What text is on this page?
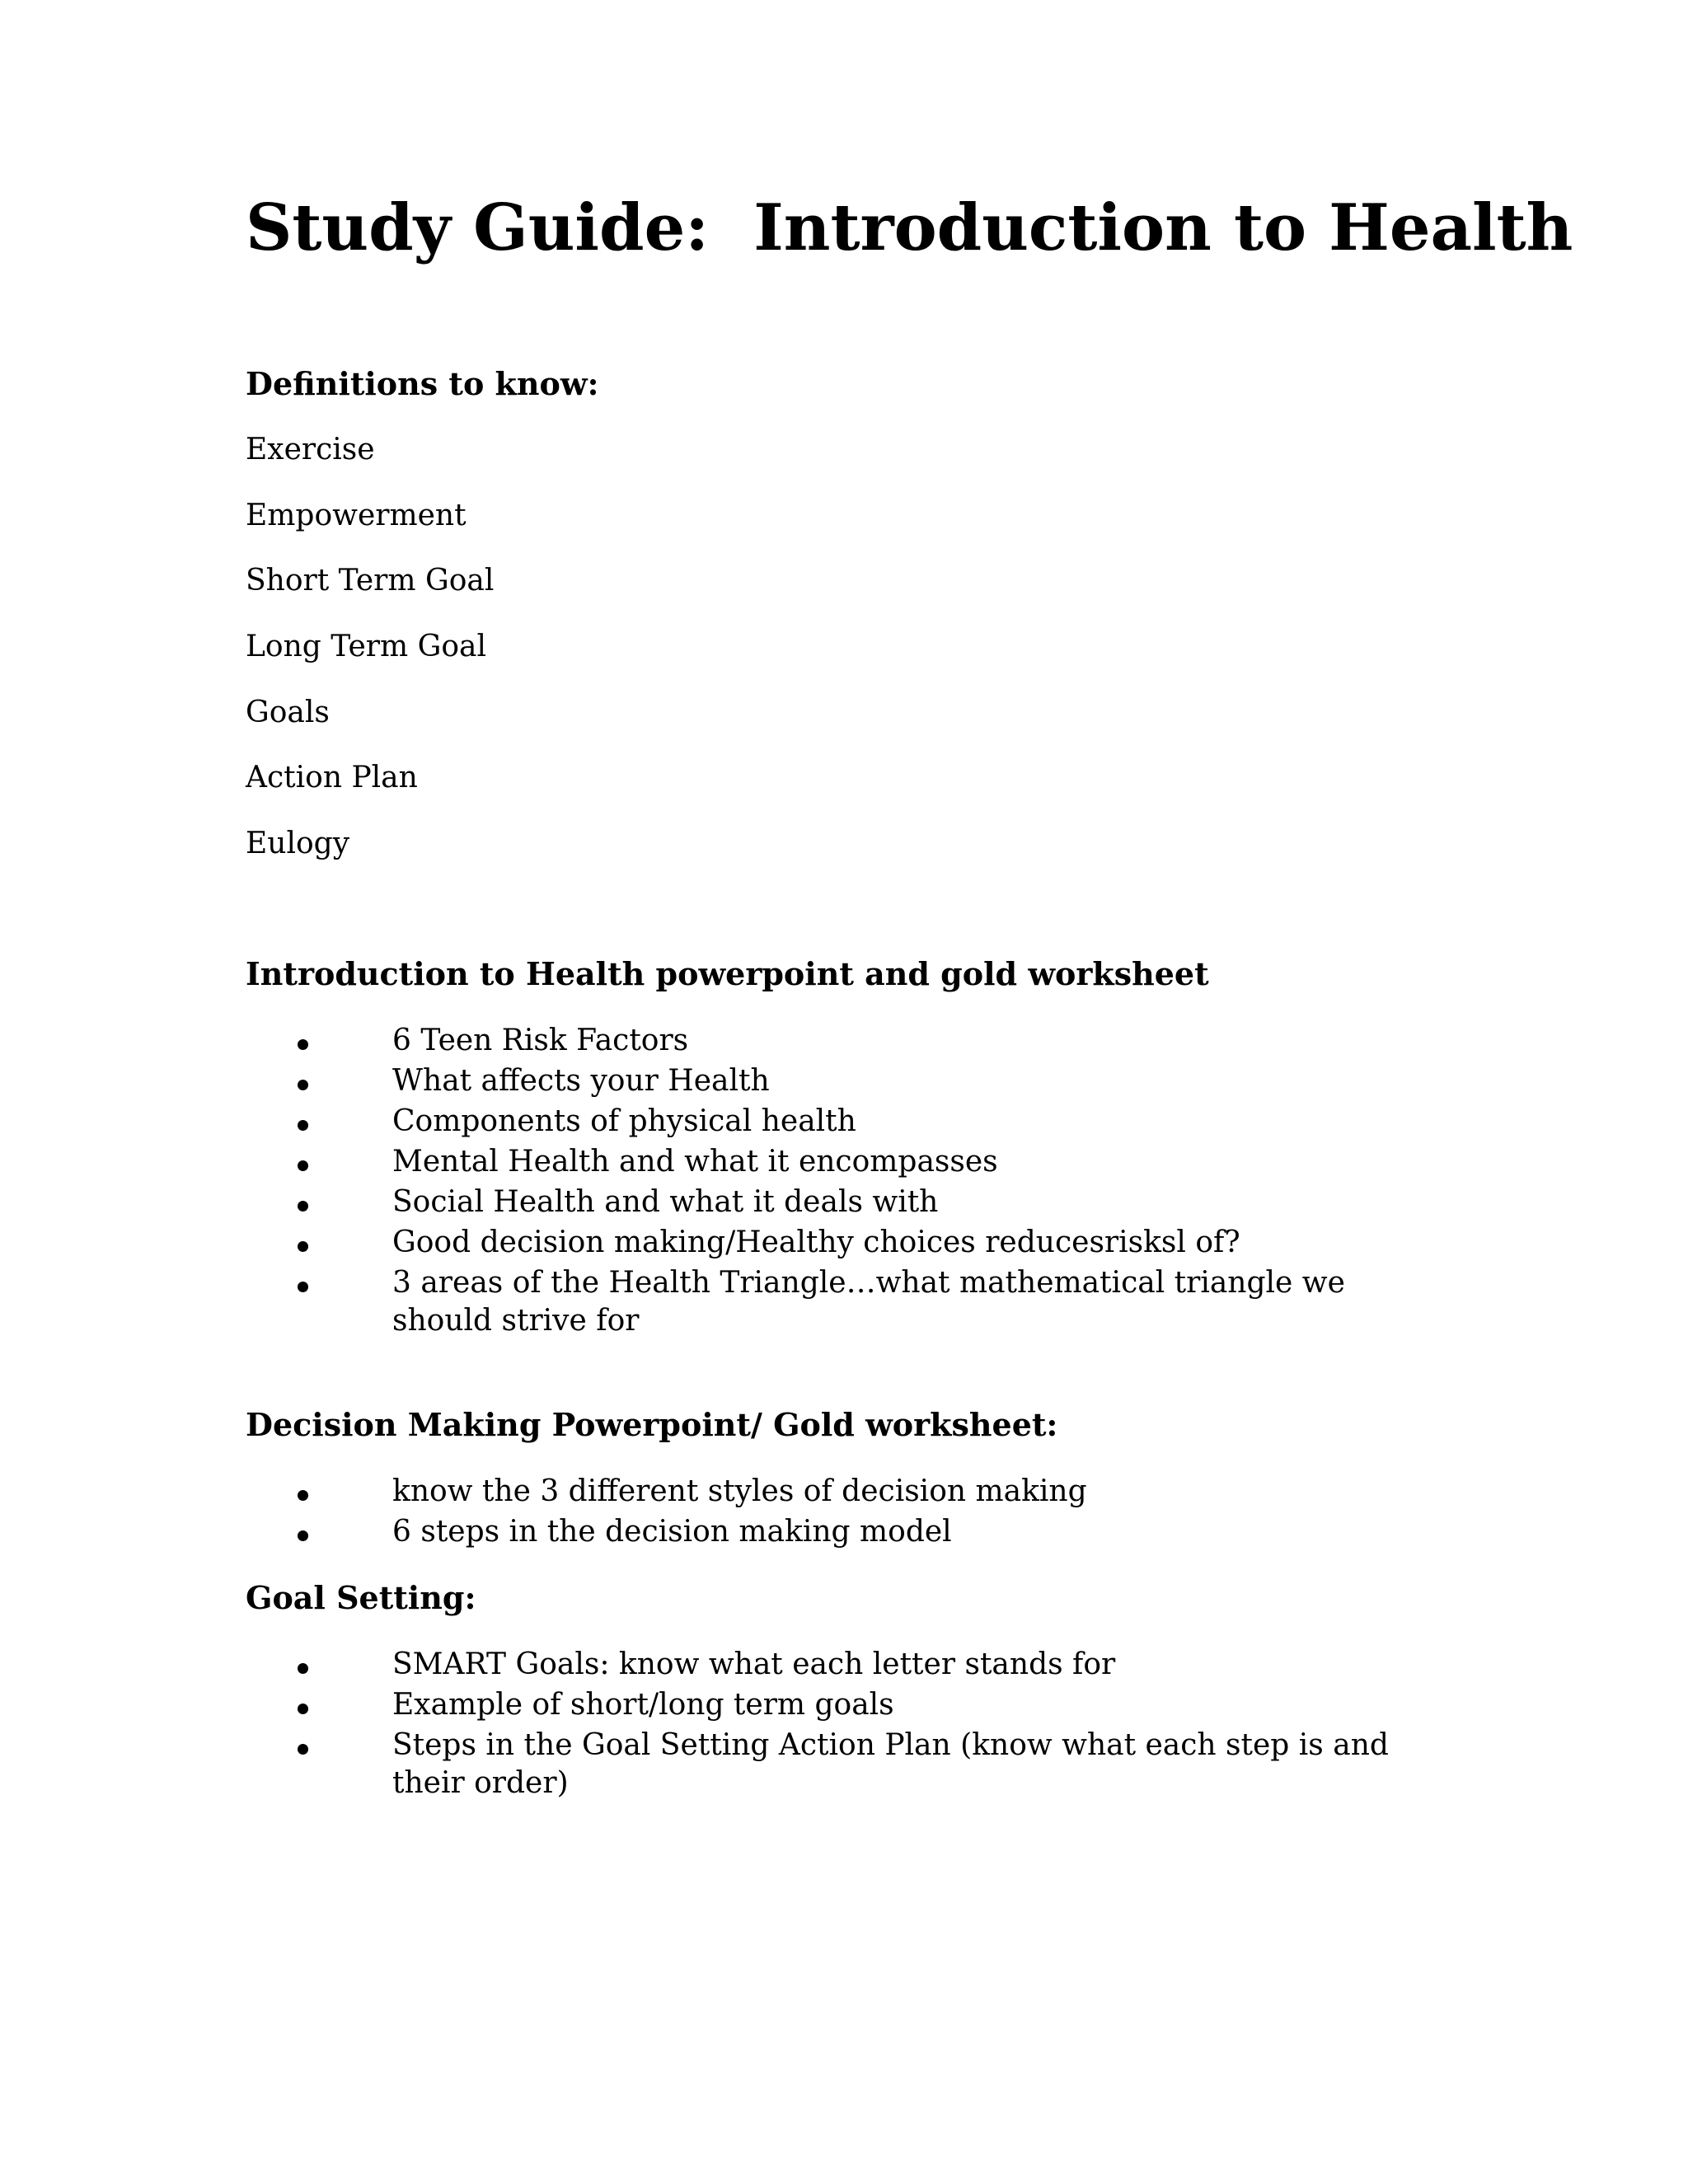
Study Guide:  Introduction to Health
Definitions to know:
Exercise
Empowerment
Short Term Goal
Long Term Goal
Goals
Action Plan
Eulogy
Introduction to Health powerpoint and gold worksheet
6 Teen Risk Factors
What affects your Health
Components of physical health
Mental Health and what it encompasses
Social Health and what it deals with
Good decision making/Healthy choices reducesrisksl of?
3 areas of the Health Triangle…what mathematical triangle we should strive for
Decision Making Powerpoint/ Gold worksheet:
know the 3 different styles of decision making
6 steps in the decision making model
Goal Setting:
SMART Goals: know what each letter stands for
Example of short/long term goals
Steps in the Goal Setting Action Plan (know what each step is and their order)
